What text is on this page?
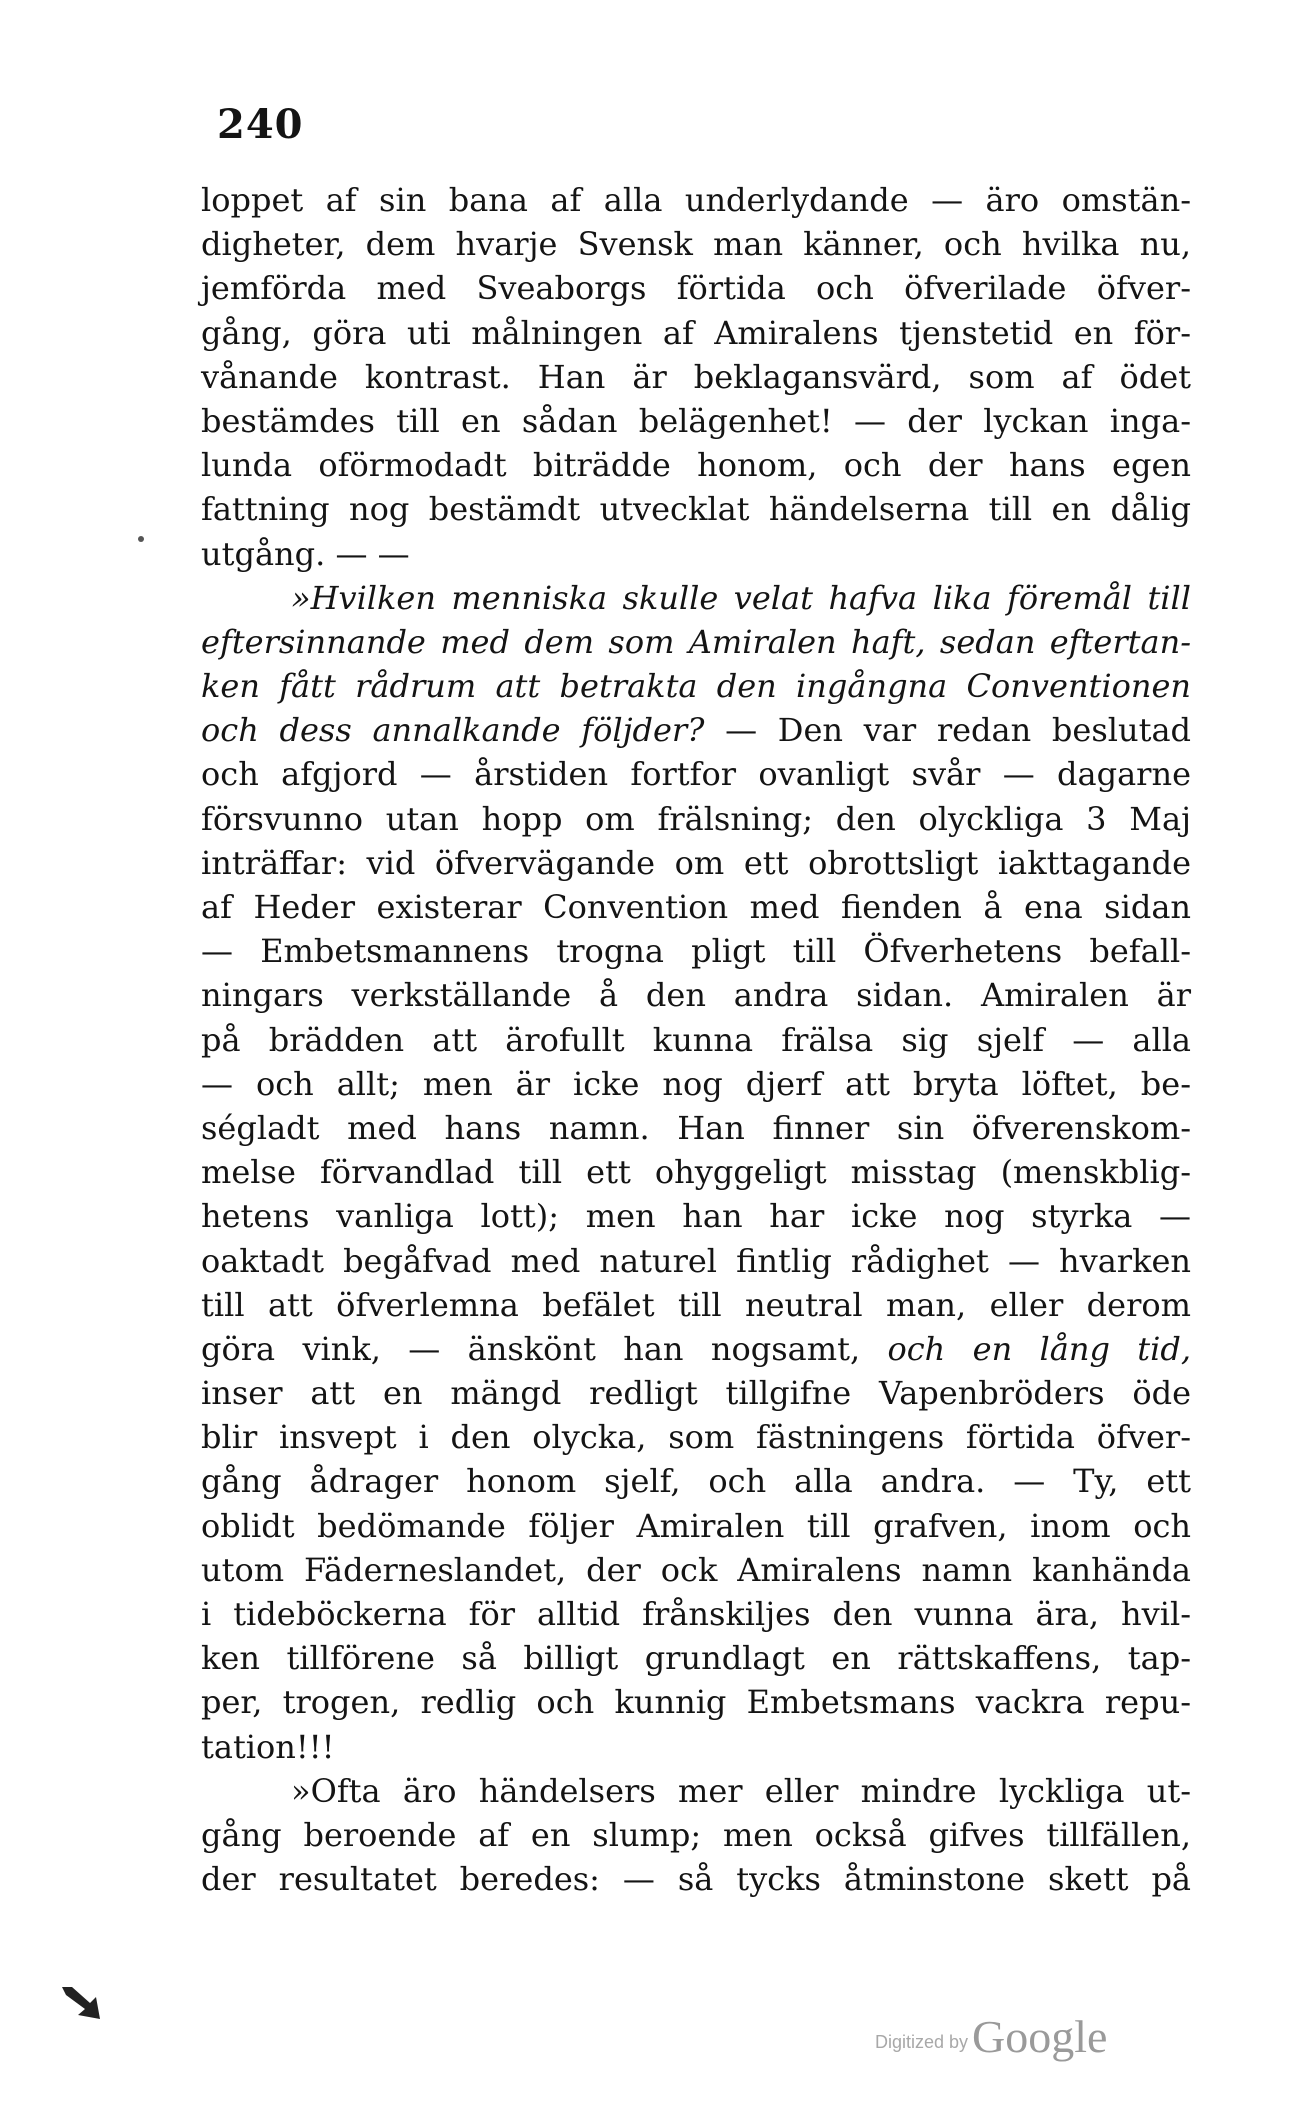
240
loppet af sin bana af alla underlydande — äro omstän-
digheter, dem hvarje Svensk man känner, och hvilka nu,
jemförda med Sveaborgs förtida och öfverilade öfver-
gång, göra uti målningen af Amiralens tjenstetid en för-
vånande kontrast. Han är beklagansvärd, som af ödet
bestämdes till en sådan belägenhet! — der lyckan inga-
lunda oförmodadt biträdde honom, och der hans egen
fattning nog bestämdt utvecklat händelserna till en dålig
utgång. — —
»Hvilken menniska skulle velat hafva lika föremål till
eftersinnande med dem som Amiralen haft, sedan eftertan-
ken fått rådrum att betrakta den ingångna Conventionen
och dess annalkande följder? — Den var redan beslutad
och afgjord — årstiden fortfor ovanligt svår — dagarne
försvunno utan hopp om frälsning; den olyckliga 3 Maj
inträffar: vid öfvervägande om ett obrottsligt iakttagande
af Heder existerar Convention med fienden å ena sidan
— Embetsmannens trogna pligt till Öfverhetens befall-
ningars verkställande å den andra sidan. Amiralen är
på brädden att ärofullt kunna frälsa sig sjelf — alla
— och allt; men är icke nog djerf att bryta löftet, be-
ségladt med hans namn. Han finner sin öfverenskom-
melse förvandlad till ett ohyggeligt misstag (menskblig-
hetens vanliga lott); men han har icke nog styrka —
oaktadt begåfvad med naturel fintlig rådighet — hvarken
till att öfverlemna befälet till neutral man, eller derom
göra vink, — änskönt han nogsamt, och en lång tid,
inser att en mängd redligt tillgifne Vapenbröders öde
blir insvept i den olycka, som fästningens förtida öfver-
gång ådrager honom sjelf, och alla andra. — Ty, ett
oblidt bedömande följer Amiralen till grafven, inom och
utom Fäderneslandet, der ock Amiralens namn kanhända
i tideböckerna för alltid frånskiljes den vunna ära, hvil-
ken tillförene så billigt grundlagt en rättskaffens, tap-
per, trogen, redlig och kunnig Embetsmans vackra repu-
tation!!!
»Ofta äro händelsers mer eller mindre lyckliga ut-
gång beroende af en slump; men också gifves tillfällen,
der resultatet beredes: — så tycks åtminstone skett på
Digitized byGoogle
